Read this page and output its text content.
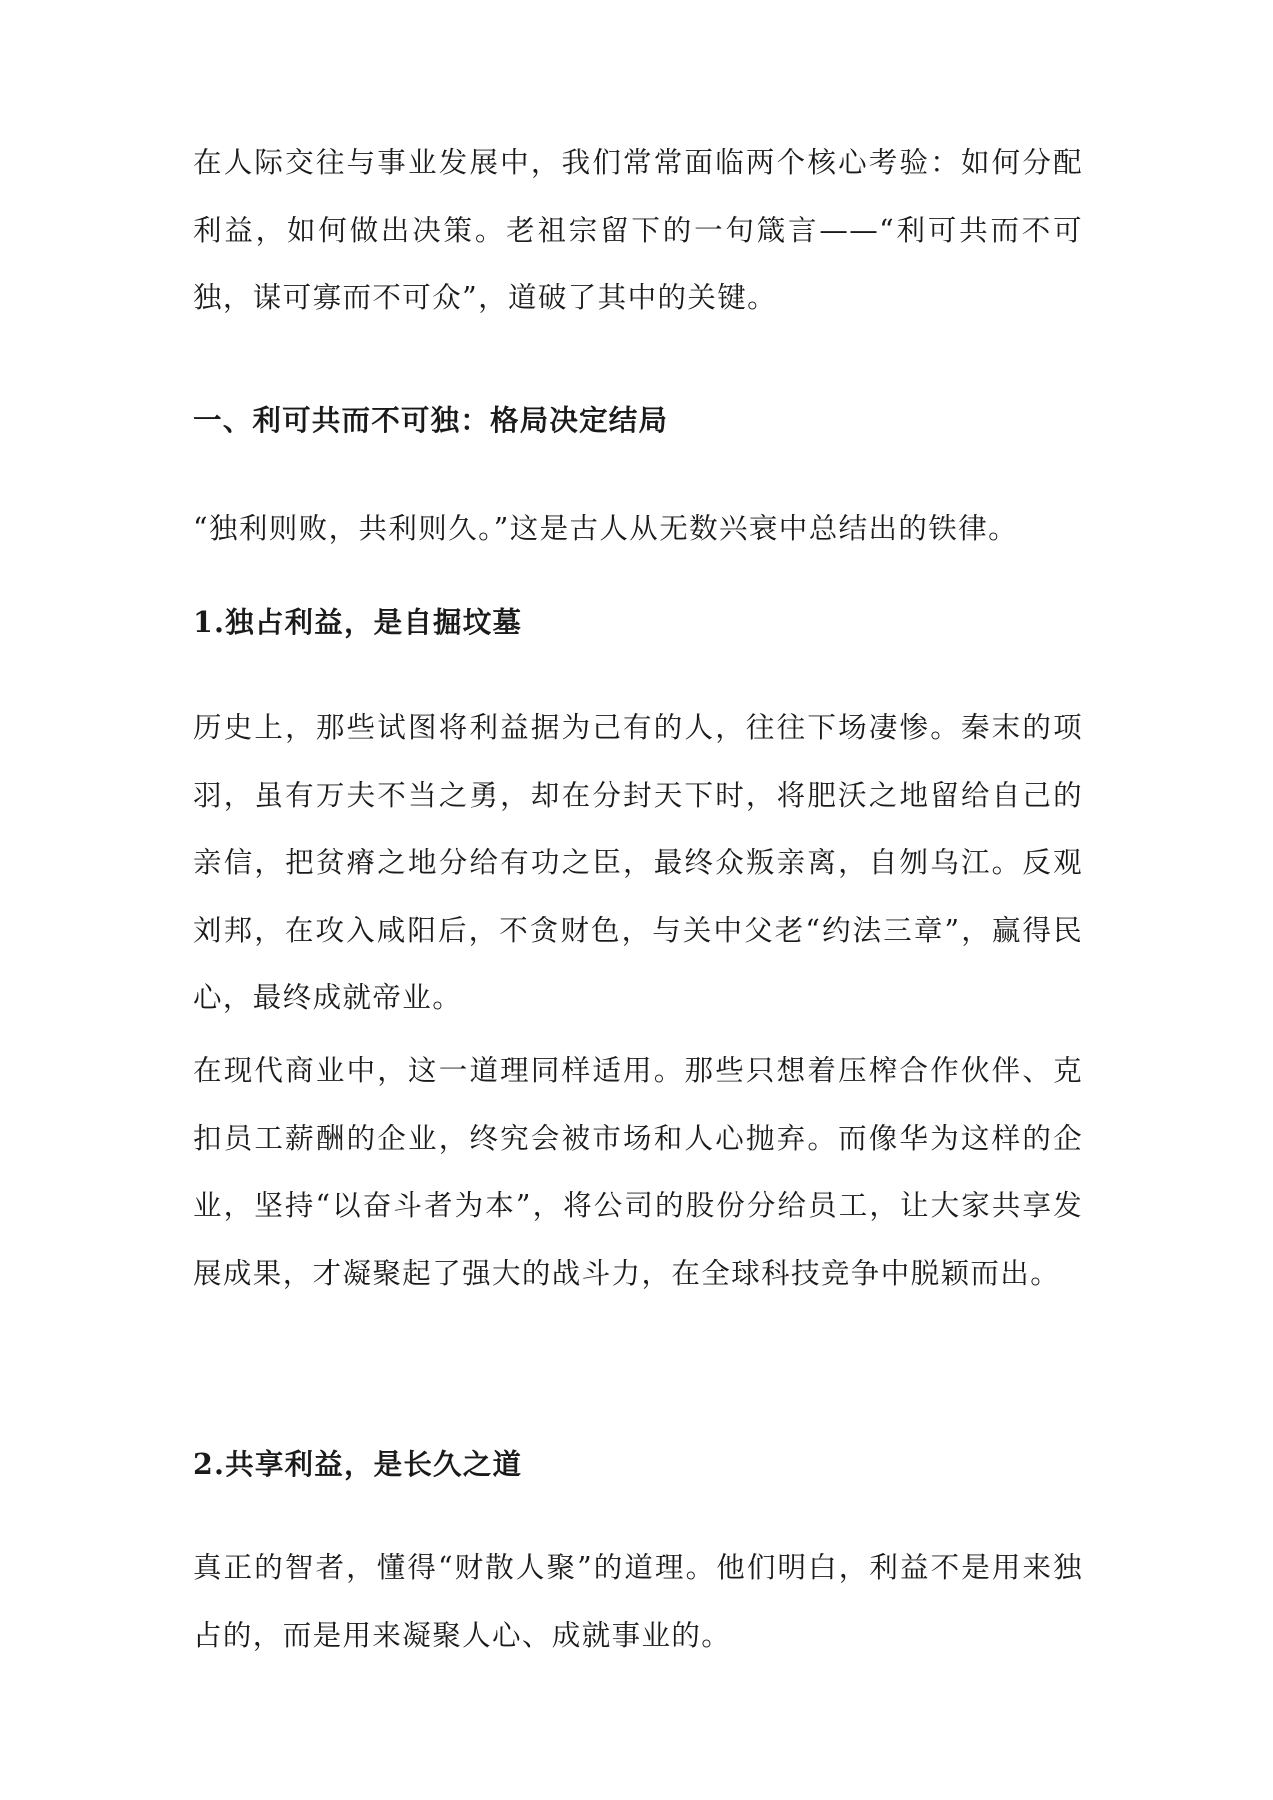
在人际交往与事业发展中，我们常常面临两个核心考验：如何分配利益，如何做出决策。老祖宗留下的一句箴言——“利可共而不可独，谋可寡而不可众”，道破了其中的关键。

一、利可共而不可独：格局决定结局

“独利则败，共利则久。”这是古人从无数兴衰中总结出的铁律。

1.独占利益，是自掘坟墓

历史上，那些试图将利益据为己有的人，往往下场凄惨。秦末的项羽，虽有万夫不当之勇，却在分封天下时，将肥沃之地留给自己的亲信，把贫瘠之地分给有功之臣，最终众叛亲离，自刎乌江。反观刘邦，在攻入咸阳后，不贪财色，与关中父老“约法三章”，赢得民心，最终成就帝业。

在现代商业中，这一道理同样适用。那些只想着压榨合作伙伴、克扣员工薪酬的企业，终究会被市场和人心抛弃。而像华为这样的企业，坚持“以奋斗者为本”，将公司的股份分给员工，让大家共享发展成果，才凝聚起了强大的战斗力，在全球科技竞争中脱颖而出。

2.共享利益，是长久之道

真正的智者，懂得“财散人聚”的道理。他们明白，利益不是用来独占的，而是用来凝聚人心、成就事业的。
